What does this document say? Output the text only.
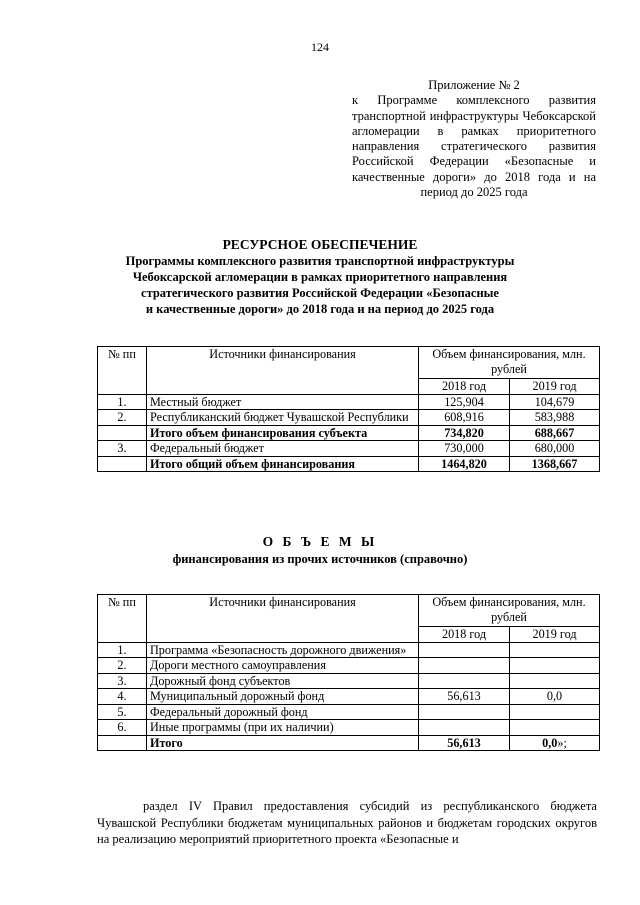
124
Приложение № 2
к Программе комплексного развития транспортной инфраструктуры Чебоксарской агломерации в рамках приоритетного направления стратегического развития Российской Федерации «Безопасные и качественные дороги» до 2018 года и на период до 2025 года
РЕСУРСНОЕ ОБЕСПЕЧЕНИЕ
Программы комплексного развития транспортной инфраструктуры
Чебоксарской агломерации в рамках приоритетного направления
стратегического развития Российской Федерации «Безопасные
и качественные дороги» до 2018 года и на период до 2025 года
№ пп	Источники финансирования	Объем финансирования, млн. рублей	
		2018 год	2019 год
1.	Местный бюджет	125,904	104,679
2.	Республиканский бюджет Чувашской Республики	608,916	583,988
	Итого объем финансирования субъекта	734,820	688,667
3.	Федеральный бюджет	730,000	680,000
	Итого общий объем финансирования	1464,820	1368,667
О Б Ъ Е М Ы
финансирования из прочих источников (справочно)
№ пп	Источники финансирования	Объем финансирования, млн. рублей	
		2018 год	2019 год
1.	Программа «Безопасность дорожного движения»		
2.	Дороги местного самоуправления		
3.	Дорожный фонд субъектов		
4.	Муниципальный дорожный фонд	56,613	0,0
5.	Федеральный дорожный фонд		
6.	Иные программы (при их наличии)		
	Итого	56,613	0,0»;
раздел IV Правил предоставления субсидий из республиканского бюджета Чувашской Республики бюджетам муниципальных районов и бюджетам городских округов на реализацию мероприятий приоритетного проекта «Безопасные и
